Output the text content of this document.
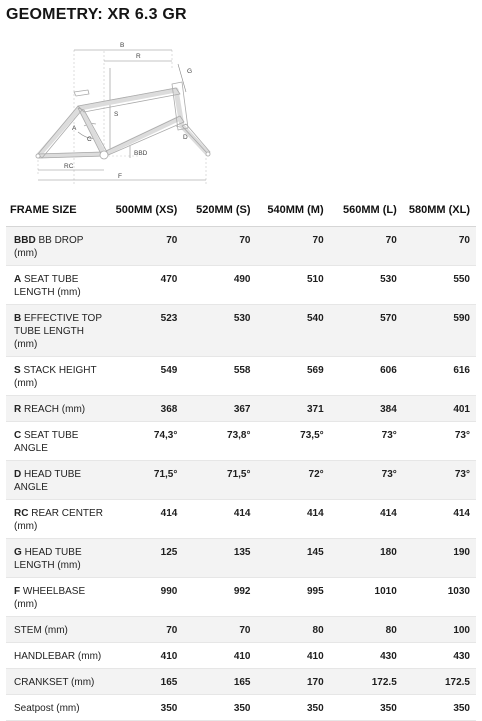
GEOMETRY: XR 6.3 GR
B
R
G
S
A
C	D
BBD
RC
F
FRAME SIZE	500MM (XS)	520MM (S)	540MM (M)	560MM (L)	580MM (XL)
BBD BB DROP (mm)	70	70	70	70	70
A SEAT TUBE LENGTH (mm)	470	490	510	530	550
B EFFECTIVE TOP TUBE LENGTH (mm)	523	530	540	570	590
S STACK HEIGHT (mm)	549	558	569	606	616
R REACH (mm)	368	367	371	384	401
C SEAT TUBE ANGLE	74,3°	73,8°	73,5°	73°	73°
D HEAD TUBE ANGLE	71,5°	71,5°	72°	73°	73°
RC REAR CENTER (mm)	414	414	414	414	414
G HEAD TUBE LENGTH (mm)	125	135	145	180	190
F WHEELBASE (mm)	990	992	995	1010	1030
STEM (mm)	70	70	80	80	100
HANDLEBAR (mm)	410	410	410	430	430
CRANKSET (mm)	165	165	170	172.5	172.5
Seatpost (mm)	350	350	350	350	350
